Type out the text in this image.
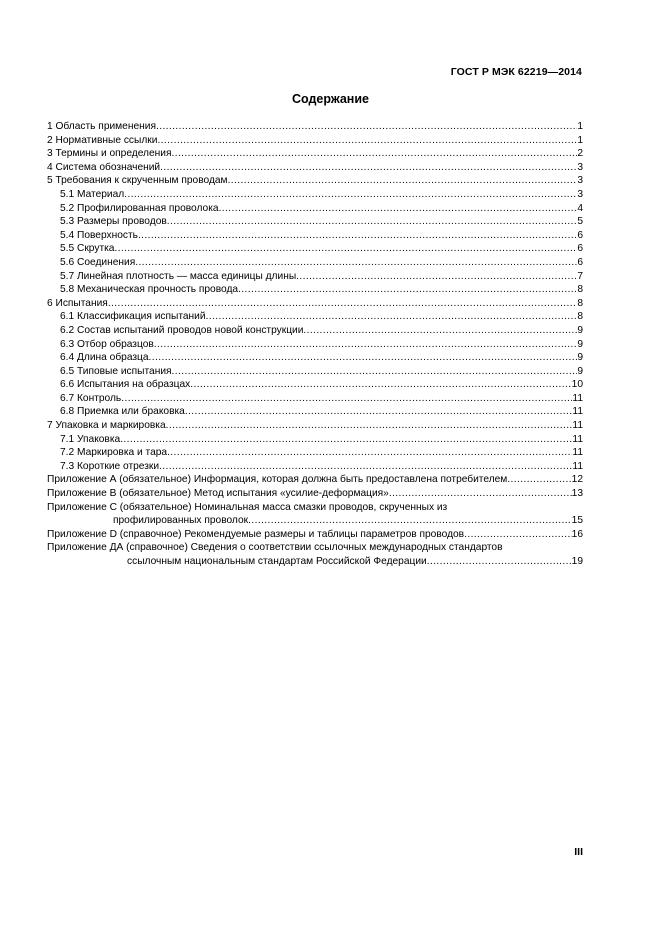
ГОСТ Р МЭК 62219—2014
Содержание
1 Область применения .....	1
2 Нормативные ссылки .....	1
3 Термины и определения .....	2
4 Система обозначений .....	3
5 Требования к скрученным проводам .....	3
5.1 Материал .....	3
5.2 Профилированная проволока .....	4
5.3 Размеры проводов .....	5
5.4 Поверхность .....	6
5.5 Скрутка .....	6
5.6 Соединения .....	6
5.7 Линейная плотность — масса единицы длины .....	7
5.8 Механическая прочность провода .....	8
6 Испытания .....	8
6.1 Классификация испытаний .....	8
6.2 Состав испытаний проводов новой конструкции .....	9
6.3 Отбор образцов .....	9
6.4 Длина образца .....	9
6.5 Типовые испытания .....	9
6.6 Испытания на образцах .....	10
6.7 Контроль .....	11
6.8 Приемка или браковка .....	11
7 Упаковка и маркировка .....	11
7.1 Упаковка .....	11
7.2 Маркировка и тара .....	11
7.3 Короткие отрезки .....	11
Приложение А (обязательное) Информация, которая должна быть предоставлена потребителем .....	12
Приложение В (обязательное) Метод испытания «усилие-деформация» .....	13
Приложение С (обязательное) Номинальная масса смазки проводов, скрученных из
профилированных проволок .....	15
Приложение D (справочное) Рекомендуемые размеры и таблицы параметров проводов .....	16
Приложение ДА (справочное) Сведения о соответствии ссылочных международных стандартов
ссылочным национальным стандартам Российской Федерации .....	19
III
